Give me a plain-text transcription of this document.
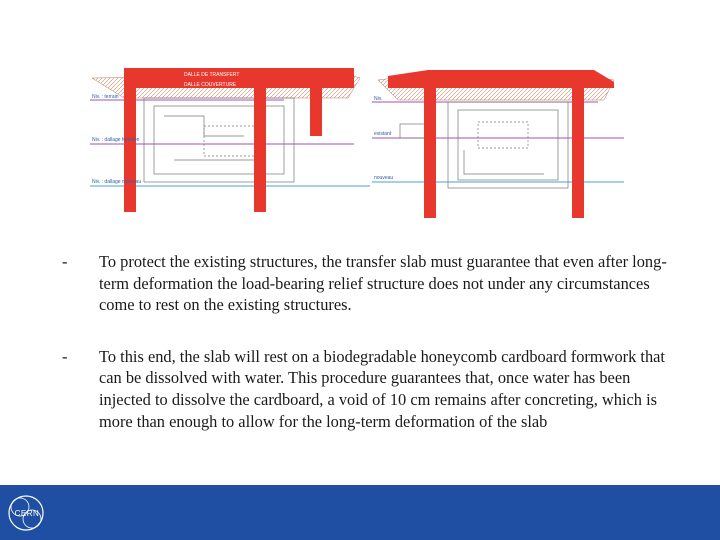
DALLE DE TRANSFERT
DALLE COUVERTURE
Niv. : terrain
Niv. : dallage fonction
Niv. : dallage nouveau
Niv.
existant
nouveau
-	To protect the existing structures, the transfer slab must guarantee that even after long-term deformation the load-bearing relief structure does not under any circumstances come to rest on the existing structures.
-	To this end, the slab will rest on a biodegradable honeycomb cardboard formwork that can be dissolved with water. This procedure guarantees that, once water has been injected to dissolve the cardboard, a void of 10 cm remains after concreting, which is more than enough to allow for the long-term deformation of the slab
CERN
